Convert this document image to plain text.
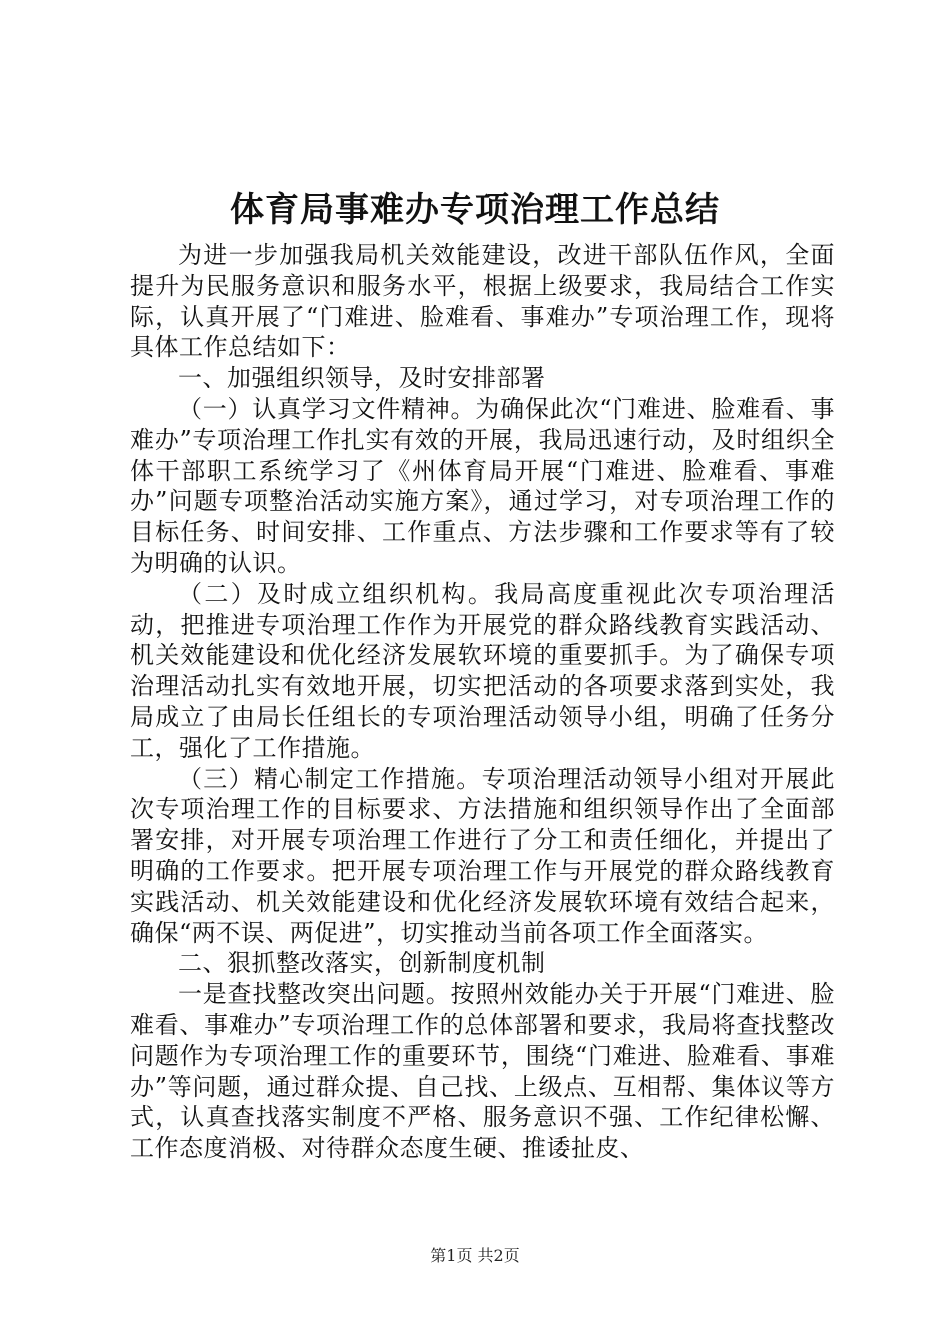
体育局事难办专项治理工作总结

为进一步加强我局机关效能建设，改进干部队伍作风，全面提升为民服务意识和服务水平，根据上级要求，我局结合工作实际，认真开展了“门难进、脸难看、事难办”专项治理工作，现将具体工作总结如下：

一、加强组织领导，及时安排部署

（一）认真学习文件精神。为确保此次“门难进、脸难看、事难办”专项治理工作扎实有效的开展，我局迅速行动，及时组织全体干部职工系统学习了《州体育局开展“门难进、脸难看、事难办”问题专项整治活动实施方案》，通过学习，对专项治理工作的目标任务、时间安排、工作重点、方法步骤和工作要求等有了较为明确的认识。

（二）及时成立组织机构。我局高度重视此次专项治理活动，把推进专项治理工作作为开展党的群众路线教育实践活动、机关效能建设和优化经济发展软环境的重要抓手。为了确保专项治理活动扎实有效地开展，切实把活动的各项要求落到实处，我局成立了由局长任组长的专项治理活动领导小组，明确了任务分工，强化了工作措施。

（三）精心制定工作措施。专项治理活动领导小组对开展此次专项治理工作的目标要求、方法措施和组织领导作出了全面部署安排，对开展专项治理工作进行了分工和责任细化，并提出了明确的工作要求。把开展专项治理工作与开展党的群众路线教育实践活动、机关效能建设和优化经济发展软环境有效结合起来，确保“两不误、两促进”，切实推动当前各项工作全面落实。

二、狠抓整改落实，创新制度机制

一是查找整改突出问题。按照州效能办关于开展“门难进、脸难看、事难办”专项治理工作的总体部署和要求，我局将查找整改问题作为专项治理工作的重要环节，围绕“门难进、脸难看、事难办”等问题，通过群众提、自己找、上级点、互相帮、集体议等方式，认真查找落实制度不严格、服务意识不强、工作纪律松懈、工作态度消极、对待群众态度生硬、推诿扯皮、

第1页 共2页
